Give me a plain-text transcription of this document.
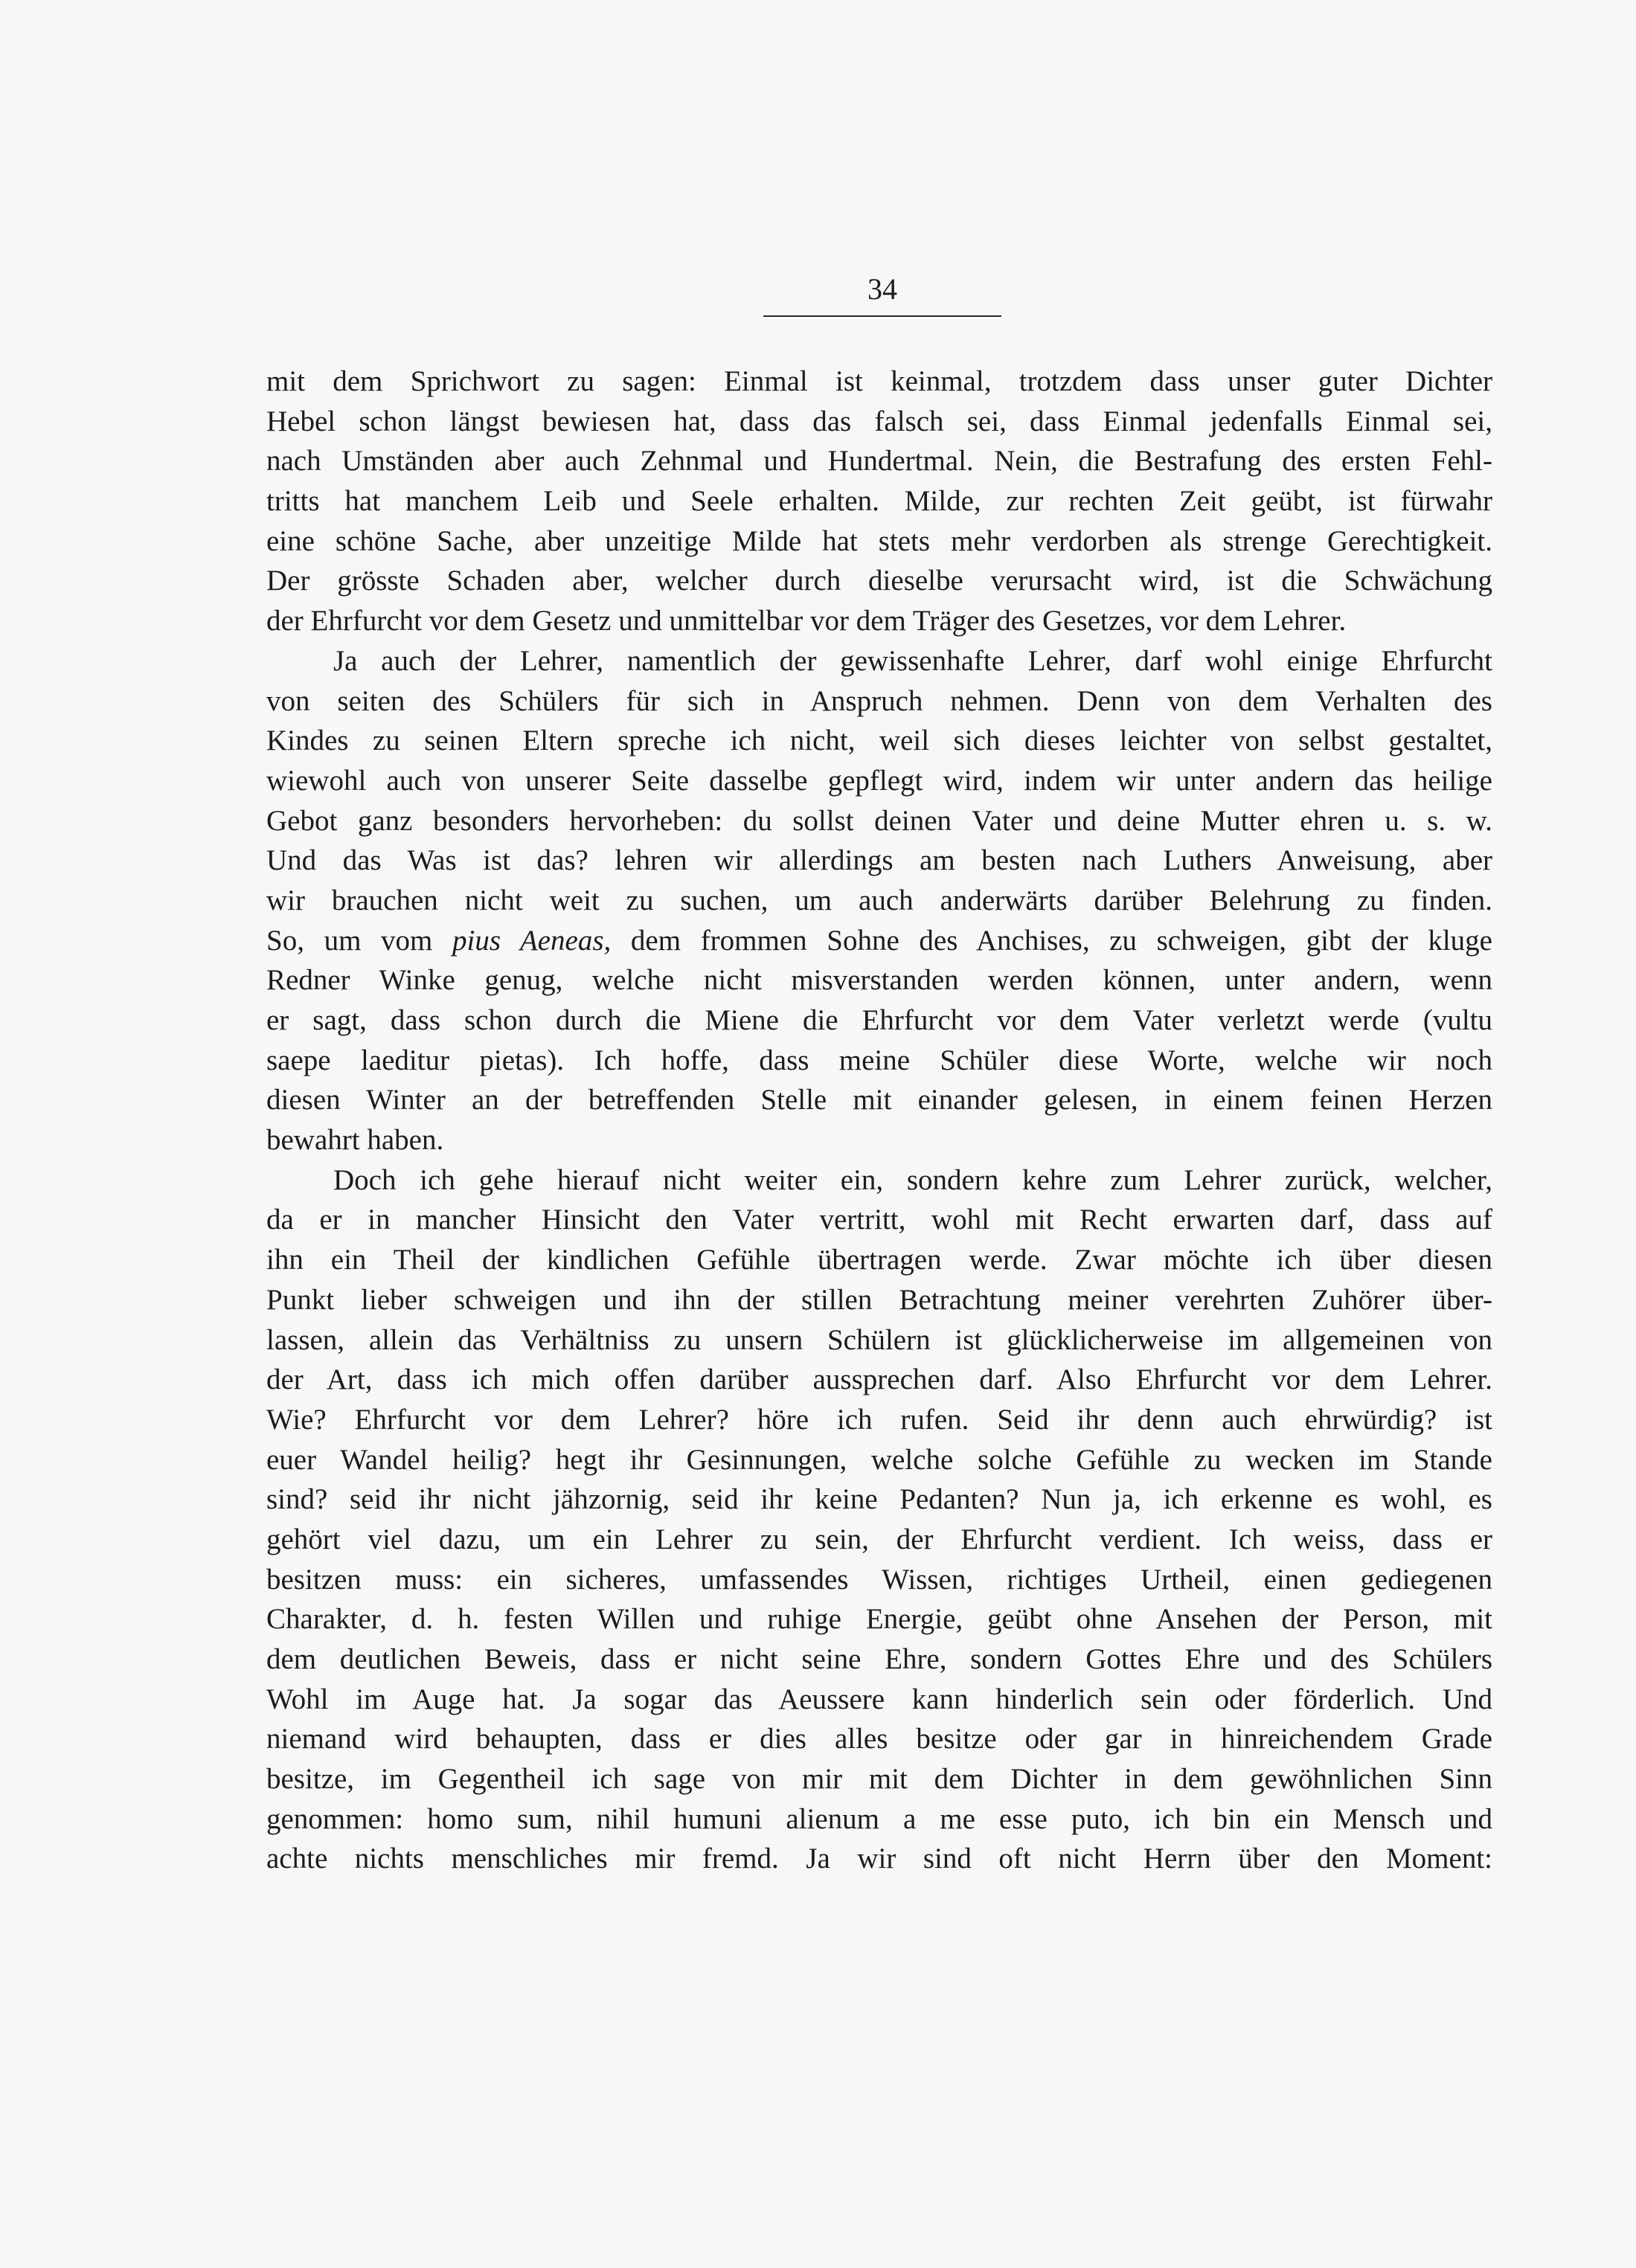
34
mit dem Sprichwort zu sagen: Einmal ist keinmal, trotzdem dass unser guter Dichter
Hebel schon längst bewiesen hat, dass das falsch sei, dass Einmal jedenfalls Einmal sei,
nach Umständen aber auch Zehnmal und Hundertmal. Nein, die Bestrafung des ersten Fehl-
tritts hat manchem Leib und Seele erhalten. Milde, zur rechten Zeit geübt, ist fürwahr
eine schöne Sache, aber unzeitige Milde hat stets mehr verdorben als strenge Gerechtigkeit.
Der grösste Schaden aber, welcher durch dieselbe verursacht wird, ist die Schwächung
der Ehrfurcht vor dem Gesetz und unmittelbar vor dem Träger des Gesetzes, vor dem Lehrer.
Ja auch der Lehrer, namentlich der gewissenhafte Lehrer, darf wohl einige Ehrfurcht
von seiten des Schülers für sich in Anspruch nehmen. Denn von dem Verhalten des
Kindes zu seinen Eltern spreche ich nicht, weil sich dieses leichter von selbst gestaltet,
wiewohl auch von unserer Seite dasselbe gepflegt wird, indem wir unter andern das heilige
Gebot ganz besonders hervorheben: du sollst deinen Vater und deine Mutter ehren u. s. w.
Und das Was ist das? lehren wir allerdings am besten nach Luthers Anweisung, aber
wir brauchen nicht weit zu suchen, um auch anderwärts darüber Belehrung zu finden.
So, um vom pius Aeneas, dem frommen Sohne des Anchises, zu schweigen, gibt der kluge
Redner Winke genug, welche nicht misverstanden werden können, unter andern, wenn
er sagt, dass schon durch die Miene die Ehrfurcht vor dem Vater verletzt werde (vultu
saepe laeditur pietas). Ich hoffe, dass meine Schüler diese Worte, welche wir noch
diesen Winter an der betreffenden Stelle mit einander gelesen, in einem feinen Herzen
bewahrt haben.
Doch ich gehe hierauf nicht weiter ein, sondern kehre zum Lehrer zurück, welcher,
da er in mancher Hinsicht den Vater vertritt, wohl mit Recht erwarten darf, dass auf
ihn ein Theil der kindlichen Gefühle übertragen werde. Zwar möchte ich über diesen
Punkt lieber schweigen und ihn der stillen Betrachtung meiner verehrten Zuhörer über-
lassen, allein das Verhältniss zu unsern Schülern ist glücklicherweise im allgemeinen von
der Art, dass ich mich offen darüber aussprechen darf. Also Ehrfurcht vor dem Lehrer.
Wie? Ehrfurcht vor dem Lehrer? höre ich rufen. Seid ihr denn auch ehrwürdig? ist
euer Wandel heilig? hegt ihr Gesinnungen, welche solche Gefühle zu wecken im Stande
sind? seid ihr nicht jähzornig, seid ihr keine Pedanten? Nun ja, ich erkenne es wohl, es
gehört viel dazu, um ein Lehrer zu sein, der Ehrfurcht verdient. Ich weiss, dass er
besitzen muss: ein sicheres, umfassendes Wissen, richtiges Urtheil, einen gediegenen
Charakter, d. h. festen Willen und ruhige Energie, geübt ohne Ansehen der Person, mit
dem deutlichen Beweis, dass er nicht seine Ehre, sondern Gottes Ehre und des Schülers
Wohl im Auge hat. Ja sogar das Aeussere kann hinderlich sein oder förderlich. Und
niemand wird behaupten, dass er dies alles besitze oder gar in hinreichendem Grade
besitze, im Gegentheil ich sage von mir mit dem Dichter in dem gewöhnlichen Sinn
genommen: homo sum, nihil humuni alienum a me esse puto, ich bin ein Mensch und
achte nichts menschliches mir fremd. Ja wir sind oft nicht Herrn über den Moment:
